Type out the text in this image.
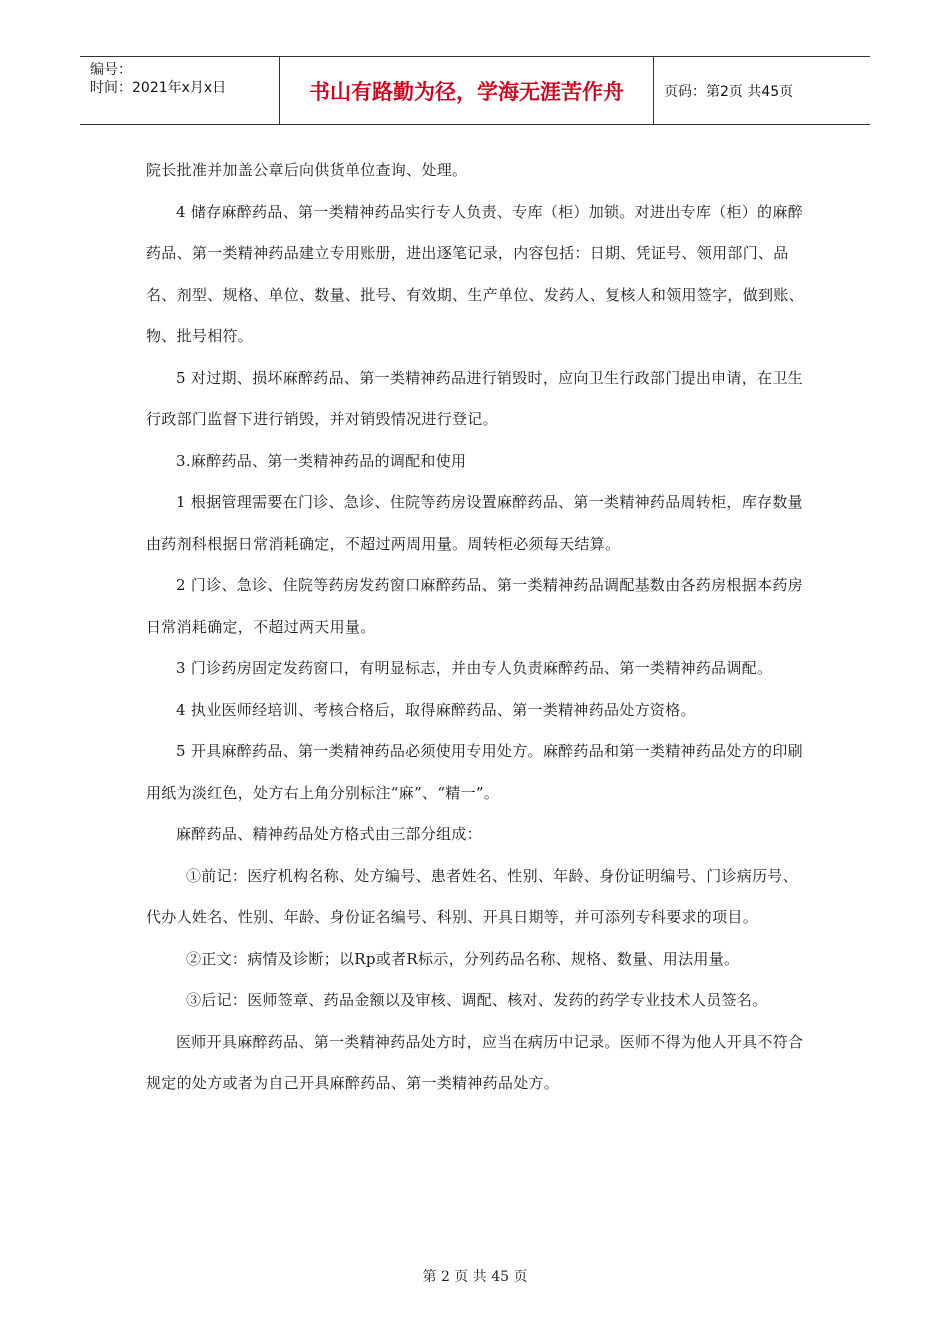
编号：
时间：2021年x月x日	书山有路勤为径，学海无涯苦作舟	页码：第2页 共45页

院长批准并加盖公章后向供货单位查询、处理。

4 储存麻醉药品、第一类精神药品实行专人负责、专库（柜）加锁。对进出专库（柜）的麻醉药品、第一类精神药品建立专用账册，进出逐笔记录，内容包括：日期、凭证号、领用部门、品名、剂型、规格、单位、数量、批号、有效期、生产单位、发药人、复核人和领用签字，做到账、物、批号相符。

5 对过期、损坏麻醉药品、第一类精神药品进行销毁时，应向卫生行政部门提出申请，在卫生行政部门监督下进行销毁，并对销毁情况进行登记。

3.麻醉药品、第一类精神药品的调配和使用

1 根据管理需要在门诊、急诊、住院等药房设置麻醉药品、第一类精神药品周转柜，库存数量由药剂科根据日常消耗确定，不超过两周用量。周转柜必须每天结算。

2 门诊、急诊、住院等药房发药窗口麻醉药品、第一类精神药品调配基数由各药房根据本药房日常消耗确定，不超过两天用量。

3 门诊药房固定发药窗口，有明显标志，并由专人负责麻醉药品、第一类精神药品调配。

4 执业医师经培训、考核合格后，取得麻醉药品、第一类精神药品处方资格。

5 开具麻醉药品、第一类精神药品必须使用专用处方。麻醉药品和第一类精神药品处方的印刷用纸为淡红色，处方右上角分别标注“麻”、“精一”。

麻醉药品、精神药品处方格式由三部分组成：

①前记：医疗机构名称、处方编号、患者姓名、性别、年龄、身份证明编号、门诊病历号、代办人姓名、性别、年龄、身份证名编号、科别、开具日期等，并可添列专科要求的项目。

②正文：病情及诊断；以Rp或者R标示，分列药品名称、规格、数量、用法用量。

③后记：医师签章、药品金额以及审核、调配、核对、发药的药学专业技术人员签名。

医师开具麻醉药品、第一类精神药品处方时，应当在病历中记录。医师不得为他人开具不符合规定的处方或者为自己开具麻醉药品、第一类精神药品处方。

第 2 页 共 45 页
